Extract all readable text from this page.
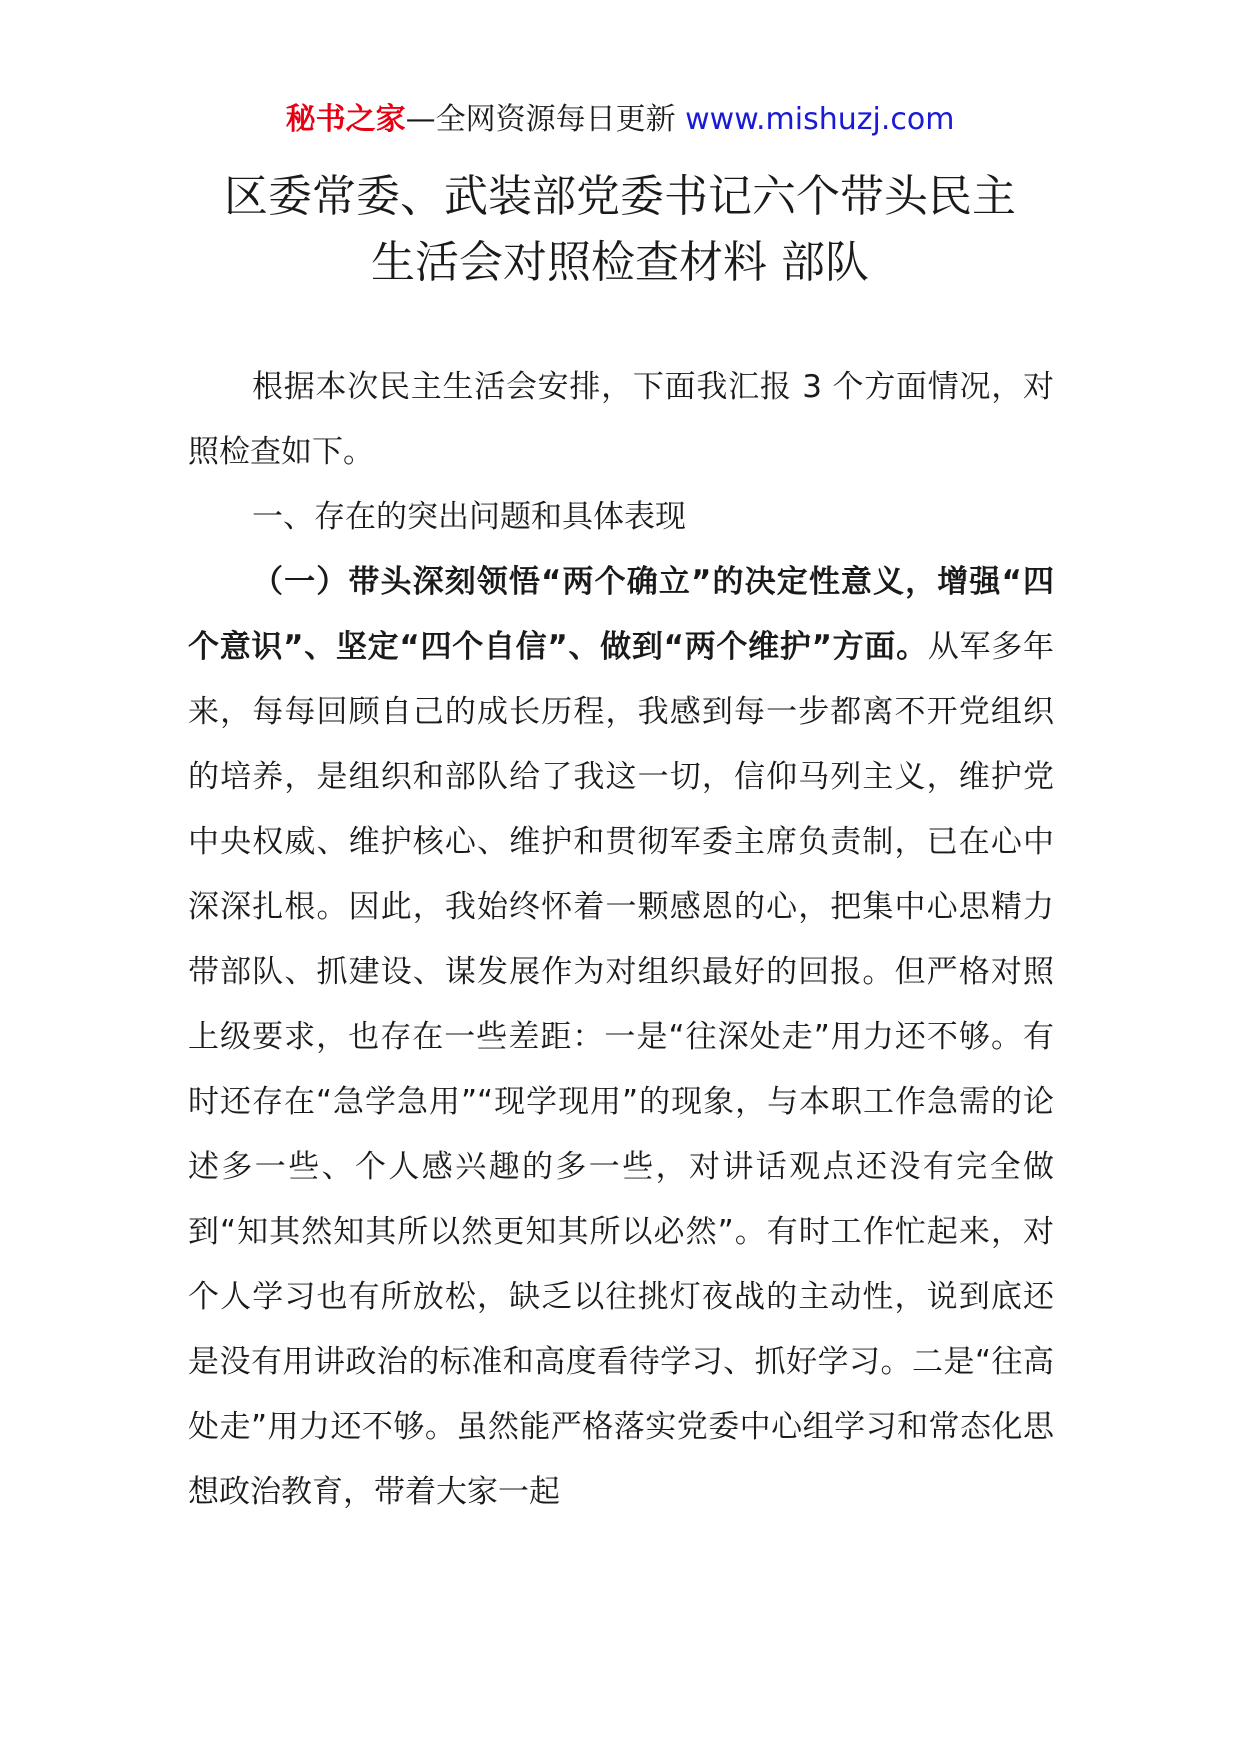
秘书之家—全网资源每日更新 www.mishuzj.com
区委常委、武装部党委书记六个带头民主
生活会对照检查材料 部队

根据本次民主生活会安排，下面我汇报 3 个方面情况，对照检查如下。

一、存在的突出问题和具体表现

（一）带头深刻领悟“两个确立”的决定性意义，增强“四个意识”、坚定“四个自信”、做到“两个维护”方面。从军多年来，每每回顾自己的成长历程，我感到每一步都离不开党组织的培养，是组织和部队给了我这一切，信仰马列主义，维护党中央权威、维护核心、维护和贯彻军委主席负责制，已在心中深深扎根。因此，我始终怀着一颗感恩的心，把集中心思精力带部队、抓建设、谋发展作为对组织最好的回报。但严格对照上级要求，也存在一些差距：一是“往深处走”用力还不够。有时还存在“急学急用”“现学现用”的现象，与本职工作急需的论述多一些、个人感兴趣的多一些，对讲话观点还没有完全做到“知其然知其所以然更知其所以必然”。有时工作忙起来，对个人学习也有所放松，缺乏以往挑灯夜战的主动性，说到底还是没有用讲政治的标准和高度看待学习、抓好学习。二是“往高处走”用力还不够。虽然能严格落实党委中心组学习和常态化思想政治教育，带着大家一起
